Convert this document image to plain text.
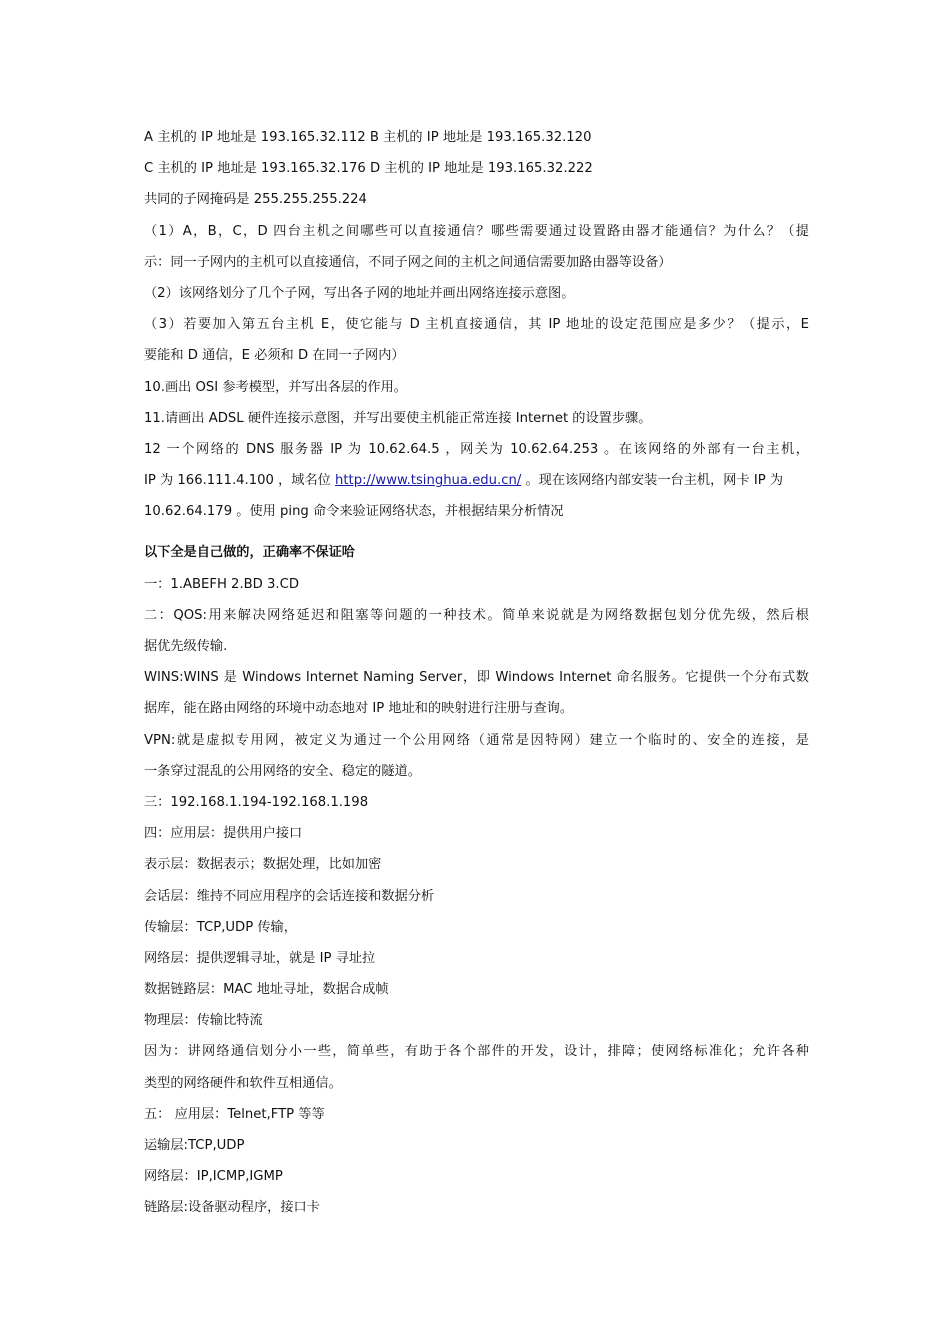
A 主机的 IP 地址是 193.165.32.112 B 主机的 IP 地址是 193.165.32.120
C 主机的 IP 地址是 193.165.32.176 D 主机的 IP 地址是 193.165.32.222
共同的子网掩码是 255.255.255.224
（1）A，B，C，D 四台主机之间哪些可以直接通信？哪些需要通过设置路由器才能通信？为什么？（提
示：同一子网内的主机可以直接通信，不同子网之间的主机之间通信需要加路由器等设备）
（2）该网络划分了几个子网，写出各子网的地址并画出网络连接示意图。
（3）若要加入第五台主机 E，使它能与 D 主机直接通信，其 IP 地址的设定范围应是多少？（提示，E
要能和 D 通信，E 必须和 D 在同一子网内）
10.画出 OSI 参考模型，并写出各层的作用。
11.请画出 ADSL 硬件连接示意图，并写出要使主机能正常连接 Internet 的设置步骤。
12 一个网络的 DNS 服务器 IP 为 10.62.64.5 ，网关为 10.62.64.253 。在该网络的外部有一台主机，
IP 为 166.111.4.100 ，域名位 http://www.tsinghua.edu.cn/ 。现在该网络内部安装一台主机，网卡 IP 为
10.62.64.179 。使用 ping 命令来验证网络状态，并根据结果分析情况
以下全是自己做的，正确率不保证哈
一：1.ABEFH 2.BD 3.CD
二：QOS:用来解决网络延迟和阻塞等问题的一种技术。简单来说就是为网络数据包划分优先级，然后根
据优先级传输.
WINS:WINS 是 Windows Internet Naming Server，即 Windows Internet 命名服务。它提供一个分布式数
据库，能在路由网络的环境中动态地对 IP 地址和的映射进行注册与查询。
VPN:就是虚拟专用网，被定义为通过一个公用网络（通常是因特网）建立一个临时的、安全的连接，是
一条穿过混乱的公用网络的安全、稳定的隧道。
三：192.168.1.194-192.168.1.198
四：应用层：提供用户接口
表示层：数据表示；数据处理，比如加密
会话层：维持不同应用程序的会话连接和数据分析
传输层：TCP,UDP 传输，
网络层：提供逻辑寻址，就是 IP 寻址拉
数据链路层：MAC 地址寻址，数据合成帧
物理层：传输比特流
因为：讲网络通信划分小一些，简单些，有助于各个部件的开发，设计，排障；使网络标准化；允许各种
类型的网络硬件和软件互相通信。
五： 应用层：Telnet,FTP 等等
运输层:TCP,UDP
网络层：IP,ICMP,IGMP
链路层:设备驱动程序，接口卡
